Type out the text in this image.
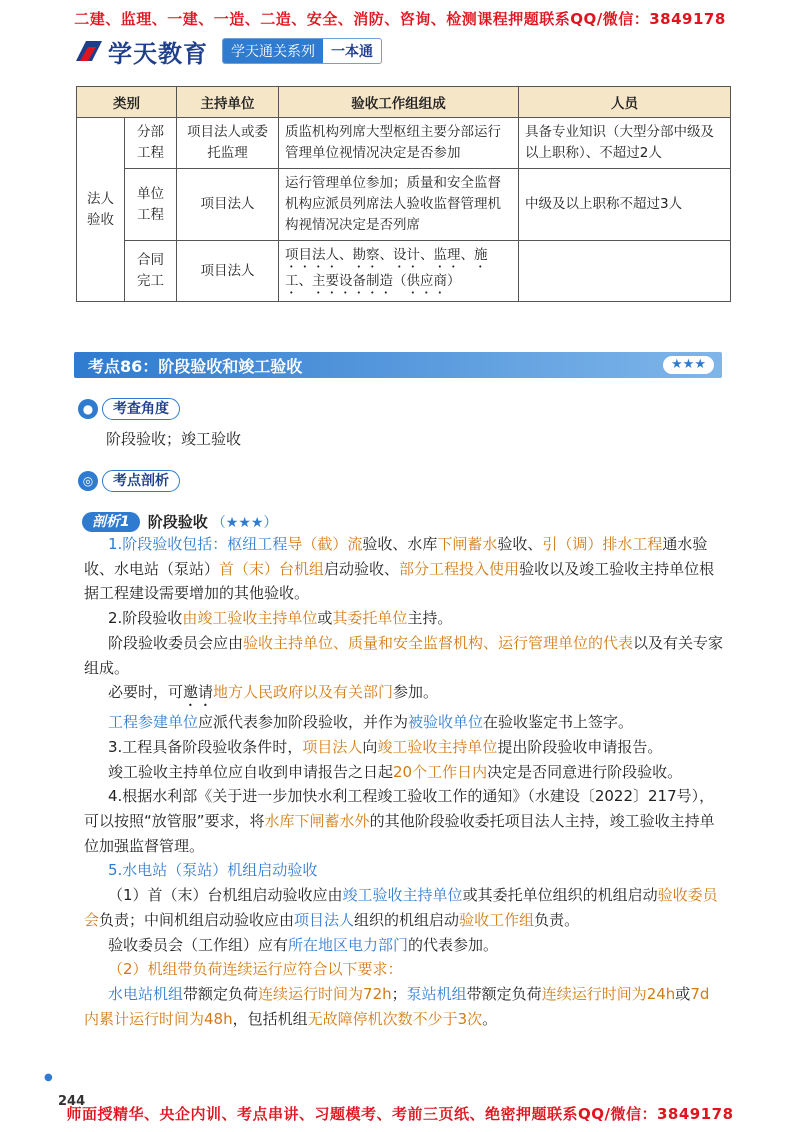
二建、监理、一建、一造、二造、安全、消防、咨询、检测课程押题联系QQ/微信：3849178
学天教育	学天通关系列	一本通
类别		主持单位	验收工作组组成	人员
法人验收	分部工程	项目法人或委托监理	质监机构列席大型枢纽主要分部运行管理单位视情况决定是否参加	具备专业知识（大型分部中级及以上职称）、不超过2人
	单位工程	项目法人	运行管理单位参加；质量和安全监督机构应派员列席法人验收监督管理机构视情况决定是否列席	中级及以上职称不超过3人
	合同完工	项目法人	项目法人、勘察、设计、监理、施工、主要设备制造（供应商）	
考点86：阶段验收和竣工验收	★★★
●	考查角度
阶段验收；竣工验收
◎	考点剖析
剖析1	阶段验收 （★★★）

1.阶段验收包括：枢纽工程导（截）流验收、水库下闸蓄水验收、引（调）排水工程通水验收、水电站（泵站）首（末）台机组启动验收、部分工程投入使用验收以及竣工验收主持单位根据工程建设需要增加的其他验收。

2.阶段验收由竣工验收主持单位或其委托单位主持。

阶段验收委员会应由验收主持单位、质量和安全监督机构、运行管理单位的代表以及有关专家组成。

必要时，可邀请地方人民政府以及有关部门参加。

工程参建单位应派代表参加阶段验收，并作为被验收单位在验收鉴定书上签字。

3.工程具备阶段验收条件时，项目法人向竣工验收主持单位提出阶段验收申请报告。

竣工验收主持单位应自收到申请报告之日起20个工作日内决定是否同意进行阶段验收。

4.根据水利部《关于进一步加快水利工程竣工验收工作的通知》（水建设〔2022〕217号），可以按照“放管服”要求，将水库下闸蓄水外的其他阶段验收委托项目法人主持，竣工验收主持单位加强监督管理。

5.水电站（泵站）机组启动验收

（1）首（末）台机组启动验收应由竣工验收主持单位或其委托单位组织的机组启动验收委员会负责；中间机组启动验收应由项目法人组织的机组启动验收工作组负责。

验收委员会（工作组）应有所在地区电力部门的代表参加。

（2）机组带负荷连续运行应符合以下要求：

水电站机组带额定负荷连续运行时间为72h；泵站机组带额定负荷连续运行时间为24h或7d内累计运行时间为48h，包括机组无故障停机次数不少于3次。

●
244
师面授精华、央企内训、考点串讲、习题模考、考前三页纸、绝密押题联系QQ/微信：3849178
